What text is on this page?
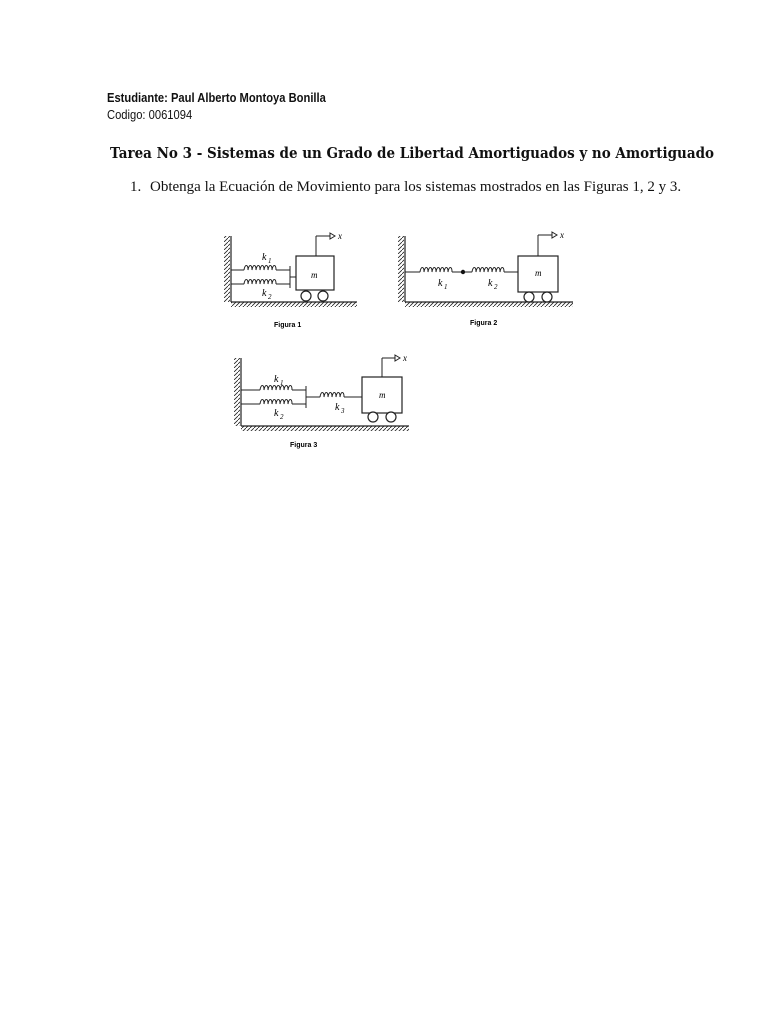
Estudiante: Paul Alberto Montoya Bonilla
Codigo: 0061094
Tarea No 3 - Sistemas de un Grado de Libertad Amortiguados y no Amortiguado
1. Obtenga la Ecuación de Movimiento para los sistemas mostrados en las Figuras 1, 2 y 3.
x
m
k 1
k 2
Figura 1
x
m
k 1	k 2
Figura 2
x
m
k 1
k 2
k 3
Figura 3
